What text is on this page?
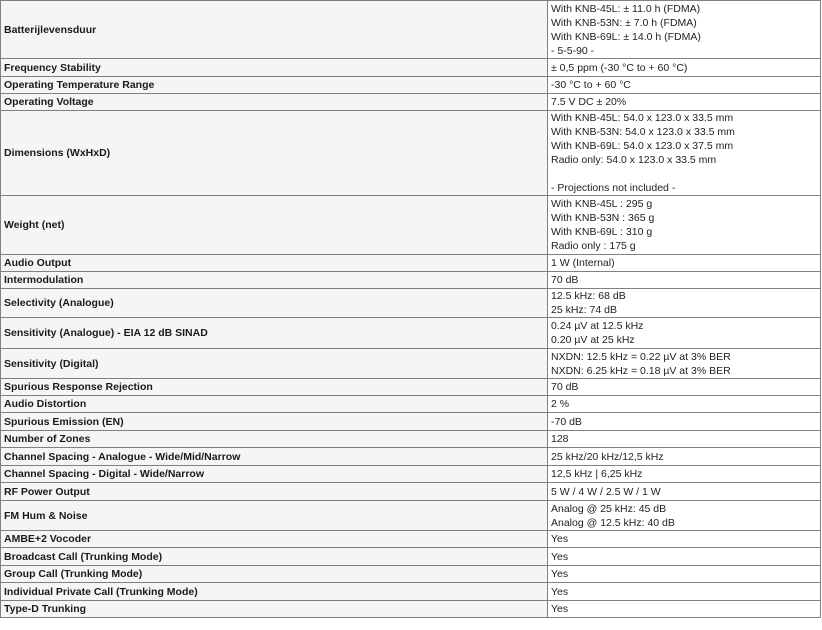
Batterijlevensduur	With KNB-45L: ± 11.0 h (FDMA)
With KNB-53N: ± 7.0 h (FDMA)
With KNB-69L: ± 14.0 h (FDMA)
- 5-5-90 -

Frequency Stability	± 0,5 ppm (-30 °C to + 60 °C)

Operating Temperature Range	-30 °C to + 60 °C

Operating Voltage	7.5 V DC ± 20%

Dimensions (WxHxD)	With KNB-45L: 54.0 x 123.0 x 33.5 mm
With KNB-53N: 54.0 x 123.0 x 33.5 mm
With KNB-69L: 54.0 x 123.0 x 37.5 mm
Radio only: 54.0 x 123.0 x 33.5 mm

- Projections not included -

Weight (net)	With KNB-45L : 295 g
With KNB-53N : 365 g
With KNB-69L : 310 g
Radio only : 175 g

Audio Output	1 W (Internal)

Intermodulation	70 dB

Selectivity (Analogue)	12.5 kHz: 68 dB
25 kHz: 74 dB

Sensitivity (Analogue) - EIA 12 dB SINAD	0.24 µV at 12.5 kHz
0.20 µV at 25 kHz

Sensitivity (Digital)	NXDN: 12.5 kHz = 0.22 µV at 3% BER
NXDN: 6.25 kHz = 0.18 µV at 3% BER

Spurious Response Rejection	70 dB

Audio Distortion	2 %

Spurious Emission (EN)	-70 dB

Number of Zones	128

Channel Spacing - Analogue - Wide/Mid/Narrow	25 kHz/20 kHz/12,5 kHz

Channel Spacing - Digital - Wide/Narrow	12,5 kHz | 6,25 kHz

RF Power Output	5 W / 4 W / 2.5 W / 1 W

FM Hum & Noise	Analog @ 25 kHz: 45 dB
Analog @ 12.5 kHz: 40 dB

AMBE+2 Vocoder	Yes

Broadcast Call (Trunking Mode)	Yes

Group Call (Trunking Mode)	Yes

Individual Private Call (Trunking Mode)	Yes

Type-D Trunking	Yes
